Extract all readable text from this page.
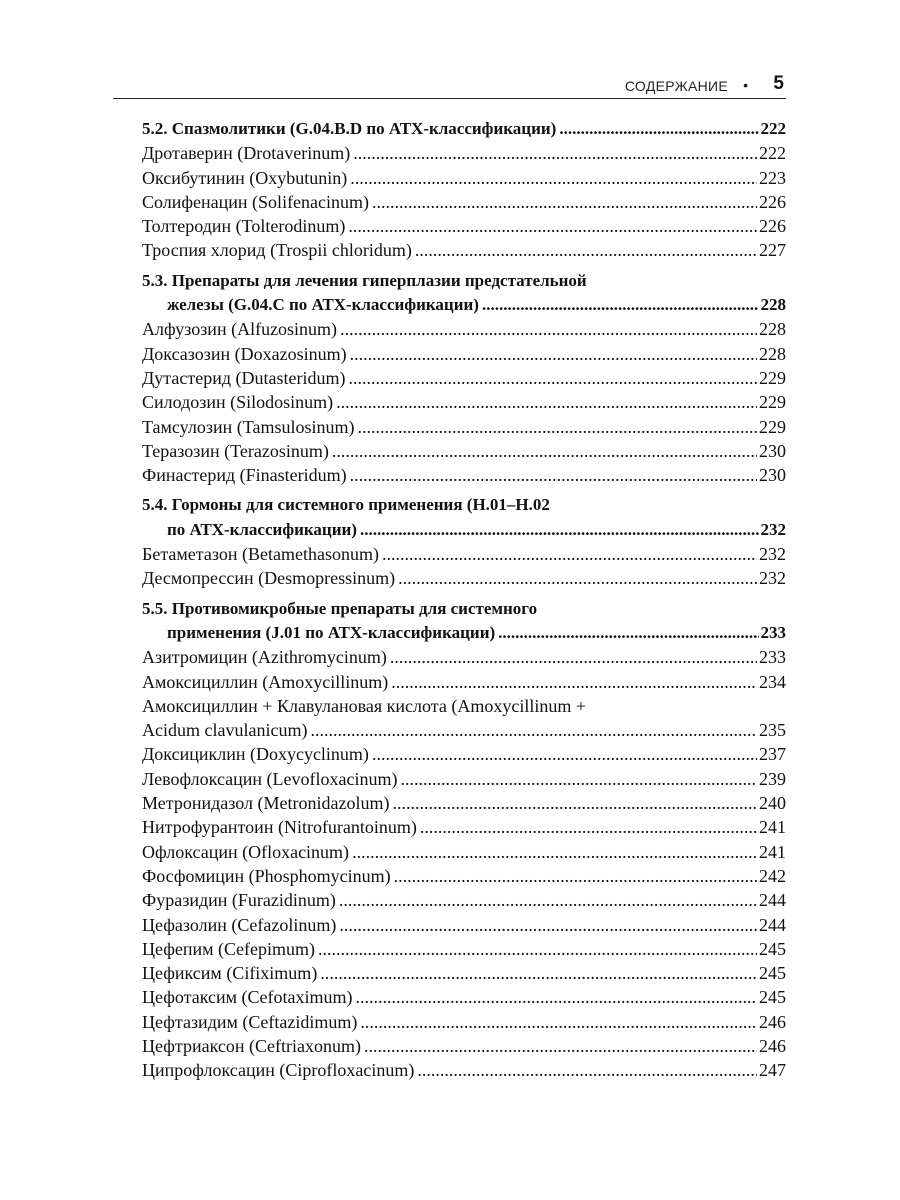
СОДЕРЖАНИЕ • 5
5.2. Спазмолитики (G.04.B.D по АТХ-классификации) .....	222
Дротаверин (Drotaverinum) .....	222
Оксибутинин (Oxybutunin) .....	223
Солифенацин (Solifenacinum) .....	226
Толтеродин (Tolterodinum) .....	226
Троспия хлорид (Trospii chloridum) .....	227
5.3. Препараты для лечения гиперплазии предстательной
железы (G.04.C по АТХ-классификации) .....	228
Алфузозин (Alfuzosinum) .....	228
Доксазозин (Doxazosinum) .....	228
Дутастерид (Dutasteridum) .....	229
Силодозин (Silodosinum) .....	229
Тамсулозин (Tamsulosinum) .....	229
Теразозин (Terazosinum) .....	230
Финастерид (Finasteridum) .....	230
5.4. Гормоны для системного применения (Н.01–Н.02
по АТХ-классификации) .....	232
Бетаметазон (Betamethasonum) .....	232
Десмопрессин (Desmopressinum) .....	232
5.5. Противомикробные препараты для системного
применения (J.01 по АТХ-классификации) .....	233
Азитромицин (Azithromycinum) .....	233
Амоксициллин (Amoxycillinum) .....	234
Амоксициллин + Клавулановая кислота (Amoxycillinum +
Acidum clavulanicum) .....	235
Доксициклин (Doxycyclinum) .....	237
Левофлоксацин (Levofloxacinum) .....	239
Метронидазол (Metronidazolum) .....	240
Нитрофурантоин (Nitrofurantoinum) .....	241
Офлоксацин (Ofloxacinum) .....	241
Фосфомицин (Phosphomycinum) .....	242
Фуразидин (Furazidinum) .....	244
Цефазолин (Cefazolinum) .....	244
Цефепим (Cefepimum) .....	245
Цефиксим (Cifiximum) .....	245
Цефотаксим (Cefotaximum) .....	245
Цефтазидим (Ceftazidimum) .....	246
Цефтриаксон (Ceftriaxonum) .....	246
Ципрофлоксацин (Ciprofloxacinum) .....	247
